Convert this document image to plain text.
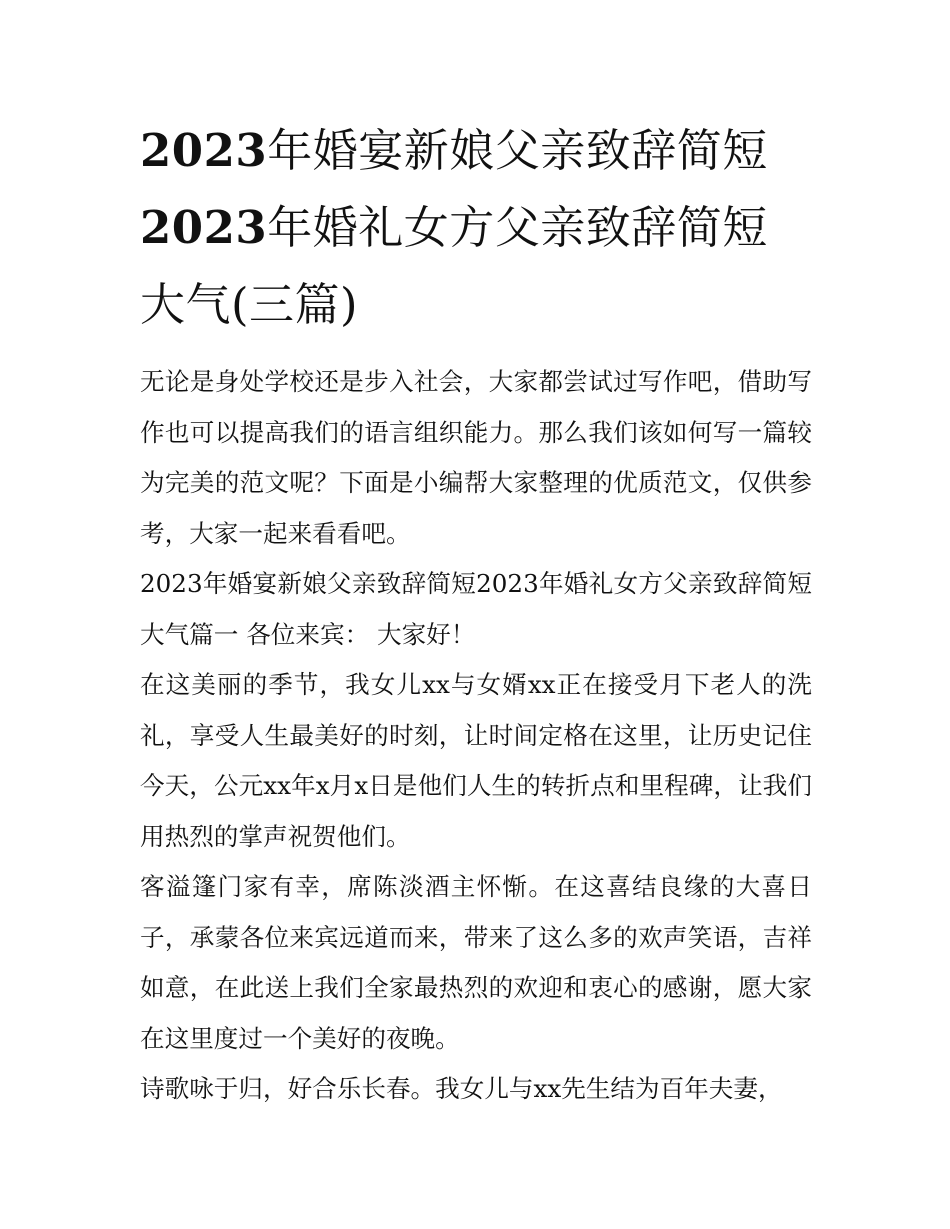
2023年婚宴新娘父亲致辞简短
2023年婚礼女方父亲致辞简短
大气(三篇)

无论是身处学校还是步入社会，大家都尝试过写作吧，借助写作也可以提高我们的语言组织能力。那么我们该如何写一篇较为完美的范文呢？下面是小编帮大家整理的优质范文，仅供参考，大家一起来看看吧。

2023年婚宴新娘父亲致辞简短2023年婚礼女方父亲致辞简短大气篇一 各位来宾： 大家好！

在这美丽的季节，我女儿xx与女婿xx正在接受月下老人的洗礼，享受人生最美好的时刻，让时间定格在这里，让历史记住今天，公元xx年x月x日是他们人生的转折点和里程碑，让我们用热烈的掌声祝贺他们。

客溢篷门家有幸，席陈淡酒主怀惭。在这喜结良缘的大喜日子，承蒙各位来宾远道而来，带来了这么多的欢声笑语，吉祥如意，在此送上我们全家最热烈的欢迎和衷心的感谢，愿大家在这里度过一个美好的夜晚。

诗歌咏于归，好合乐长春。我女儿与xx先生结为百年夫妻，
